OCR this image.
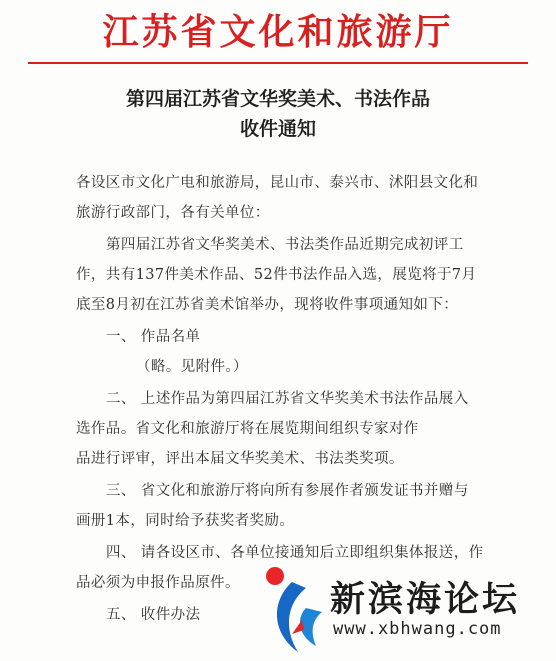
江苏省文化和旅游厅
第四届江苏省文华奖美术、书法作品
收件通知
各设区市文化广电和旅游局，昆山市、泰兴市、沭阳县文化和
旅游行政部门，各有关单位：
第四届江苏省文华奖美术、书法类作品近期完成初评工
作，共有137件美术作品、52件书法作品入选，展览将于7月
底至8月初在江苏省美术馆举办，现将收件事项通知如下：
一、 作品名单
（略。见附件。）
二、 上述作品为第四届江苏省文华奖美术书法作品展入
选作品。省文化和旅游厅将在展览期间组织专家对作
品进行评审，评出本届文华奖美术、书法类奖项。
三、 省文化和旅游厅将向所有参展作者颁发证书并赠与
画册1本，同时给予获奖者奖励。
四、 请各设区市、各单位接通知后立即组织集体报送，作
品必须为申报作品原件。
五、 收件办法	新滨海论坛
www.xbhwang.com
